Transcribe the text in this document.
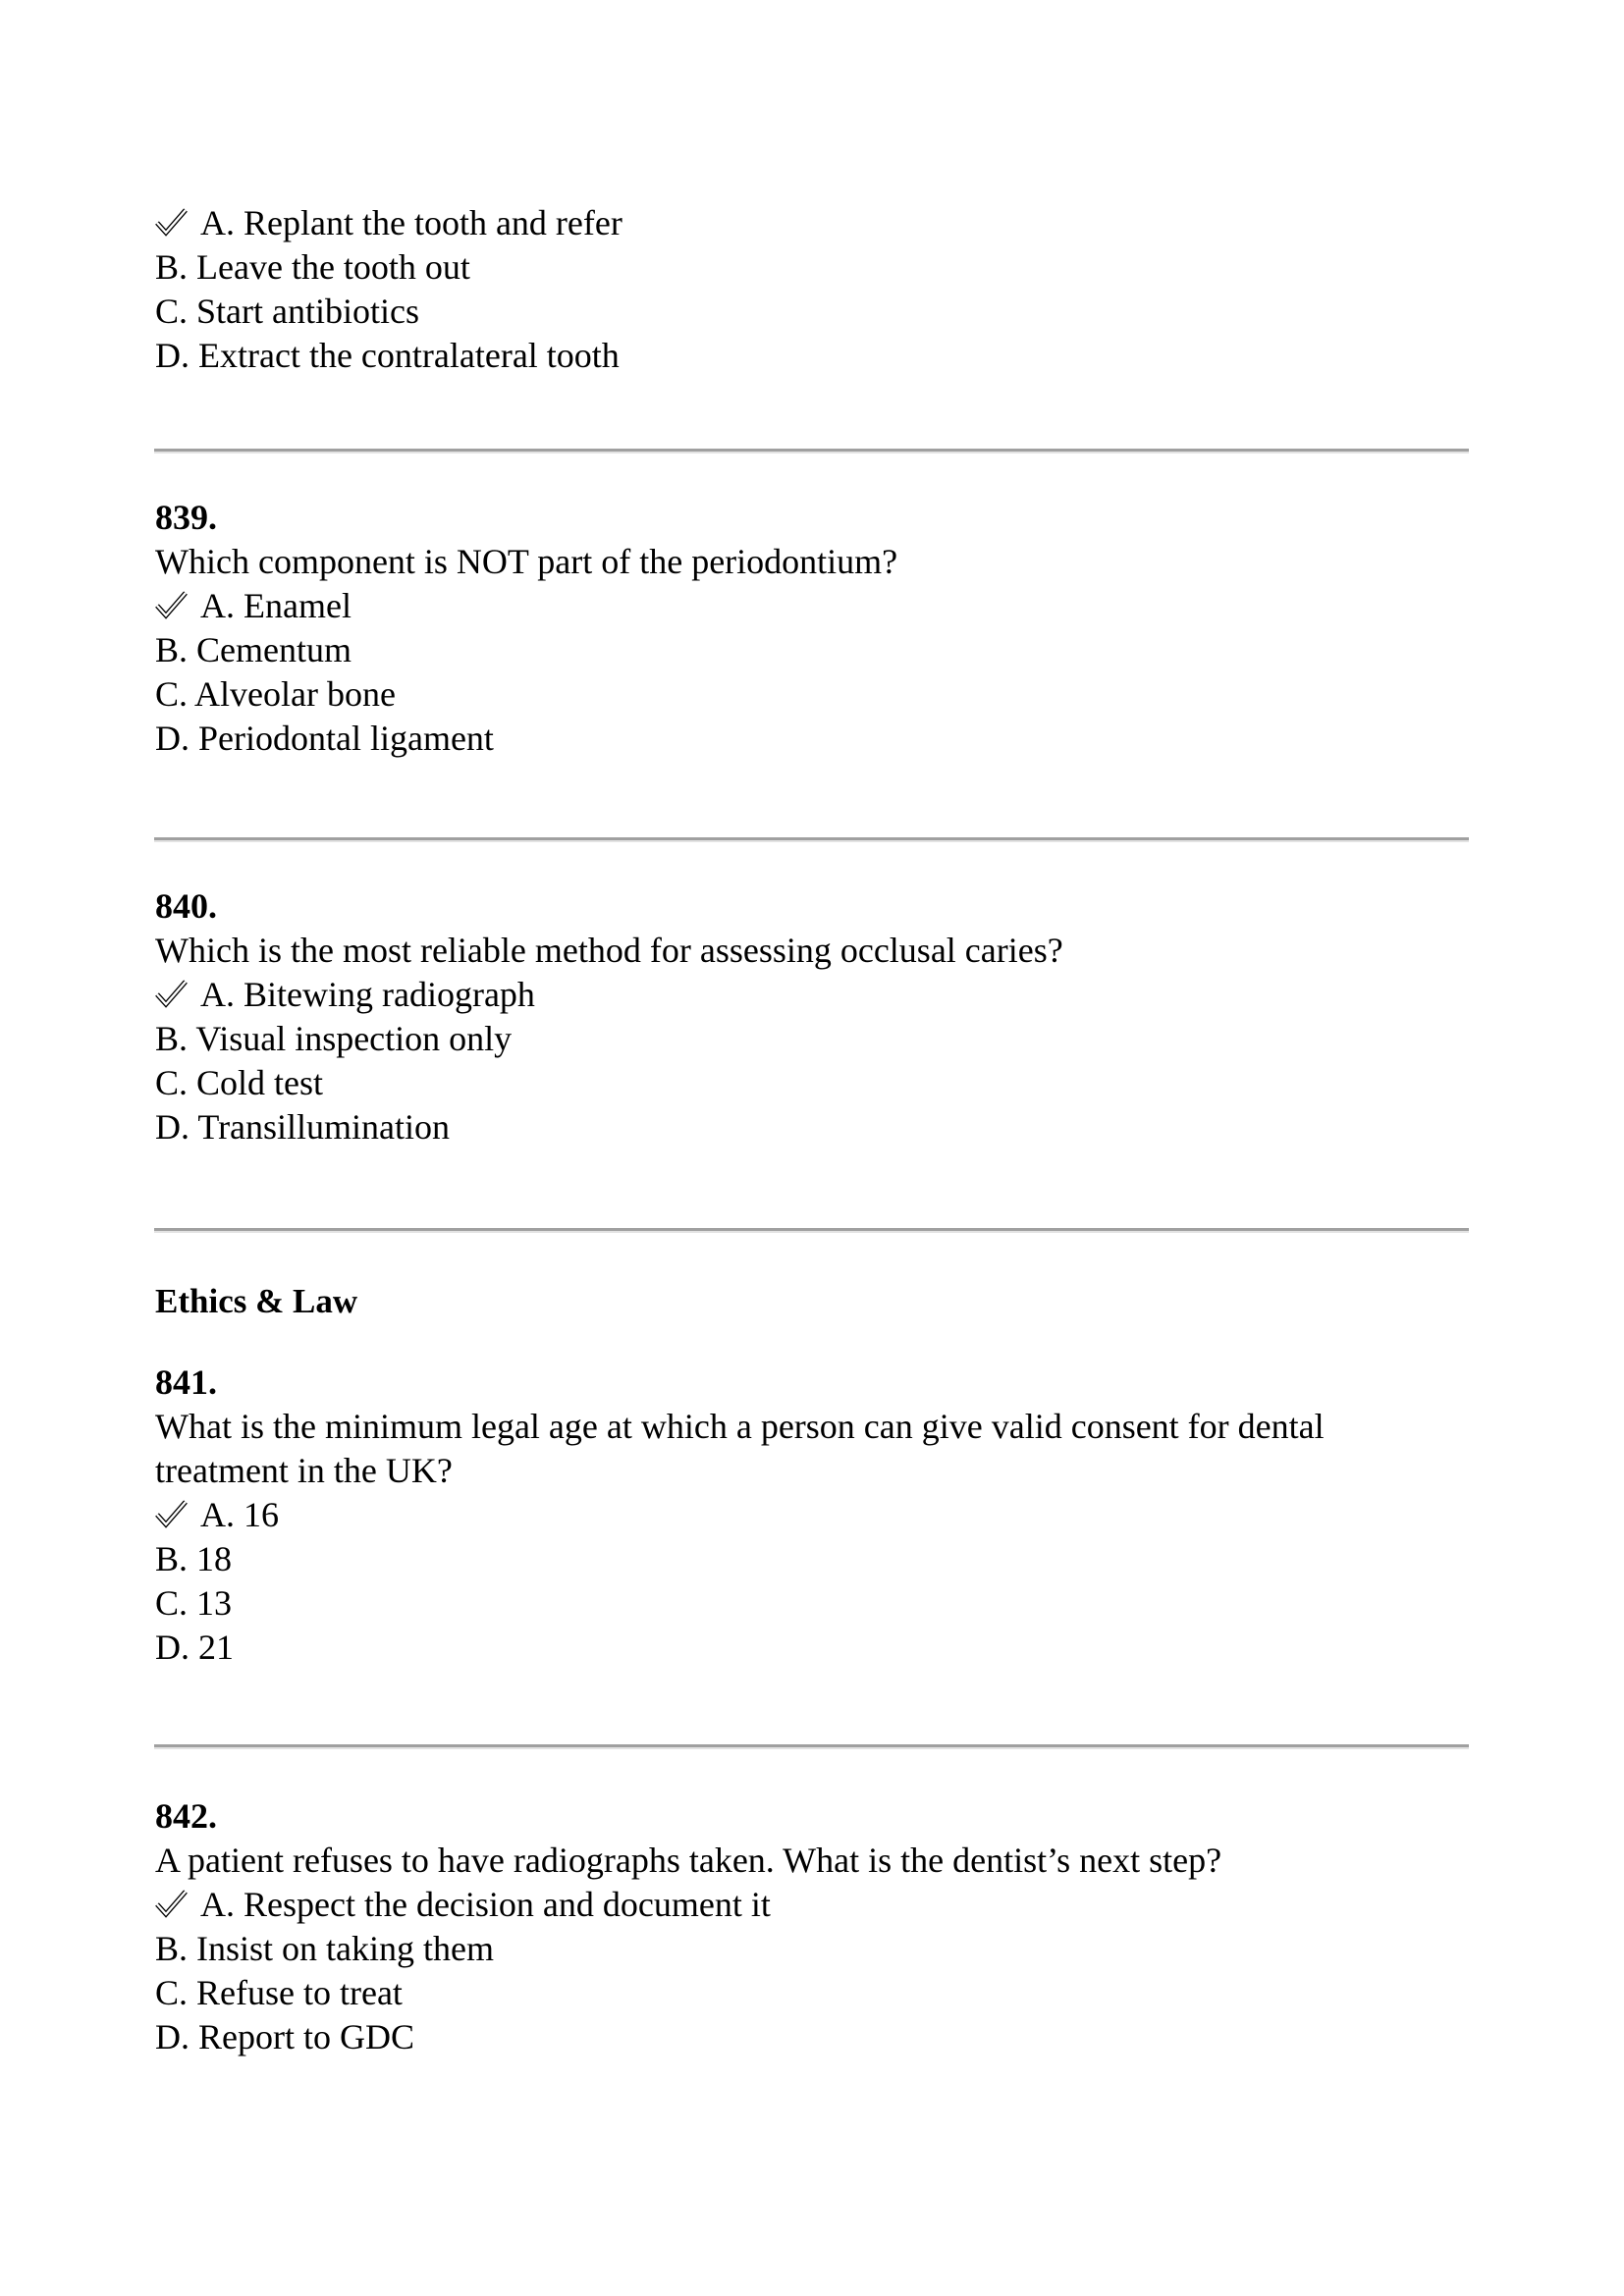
A. Replant the tooth and refer
B. Leave the tooth out
C. Start antibiotics
D. Extract the contralateral tooth
839.
Which component is NOT part of the periodontium?
A. Enamel
B. Cementum
C. Alveolar bone
D. Periodontal ligament
840.
Which is the most reliable method for assessing occlusal caries?
A. Bitewing radiograph
B. Visual inspection only
C. Cold test
D. Transillumination
Ethics & Law
841.
What is the minimum legal age at which a person can give valid consent for dental
treatment in the UK?
A. 16
B. 18
C. 13
D. 21
842.
A patient refuses to have radiographs taken. What is the dentist’s next step?
A. Respect the decision and document it
B. Insist on taking them
C. Refuse to treat
D. Report to GDC
